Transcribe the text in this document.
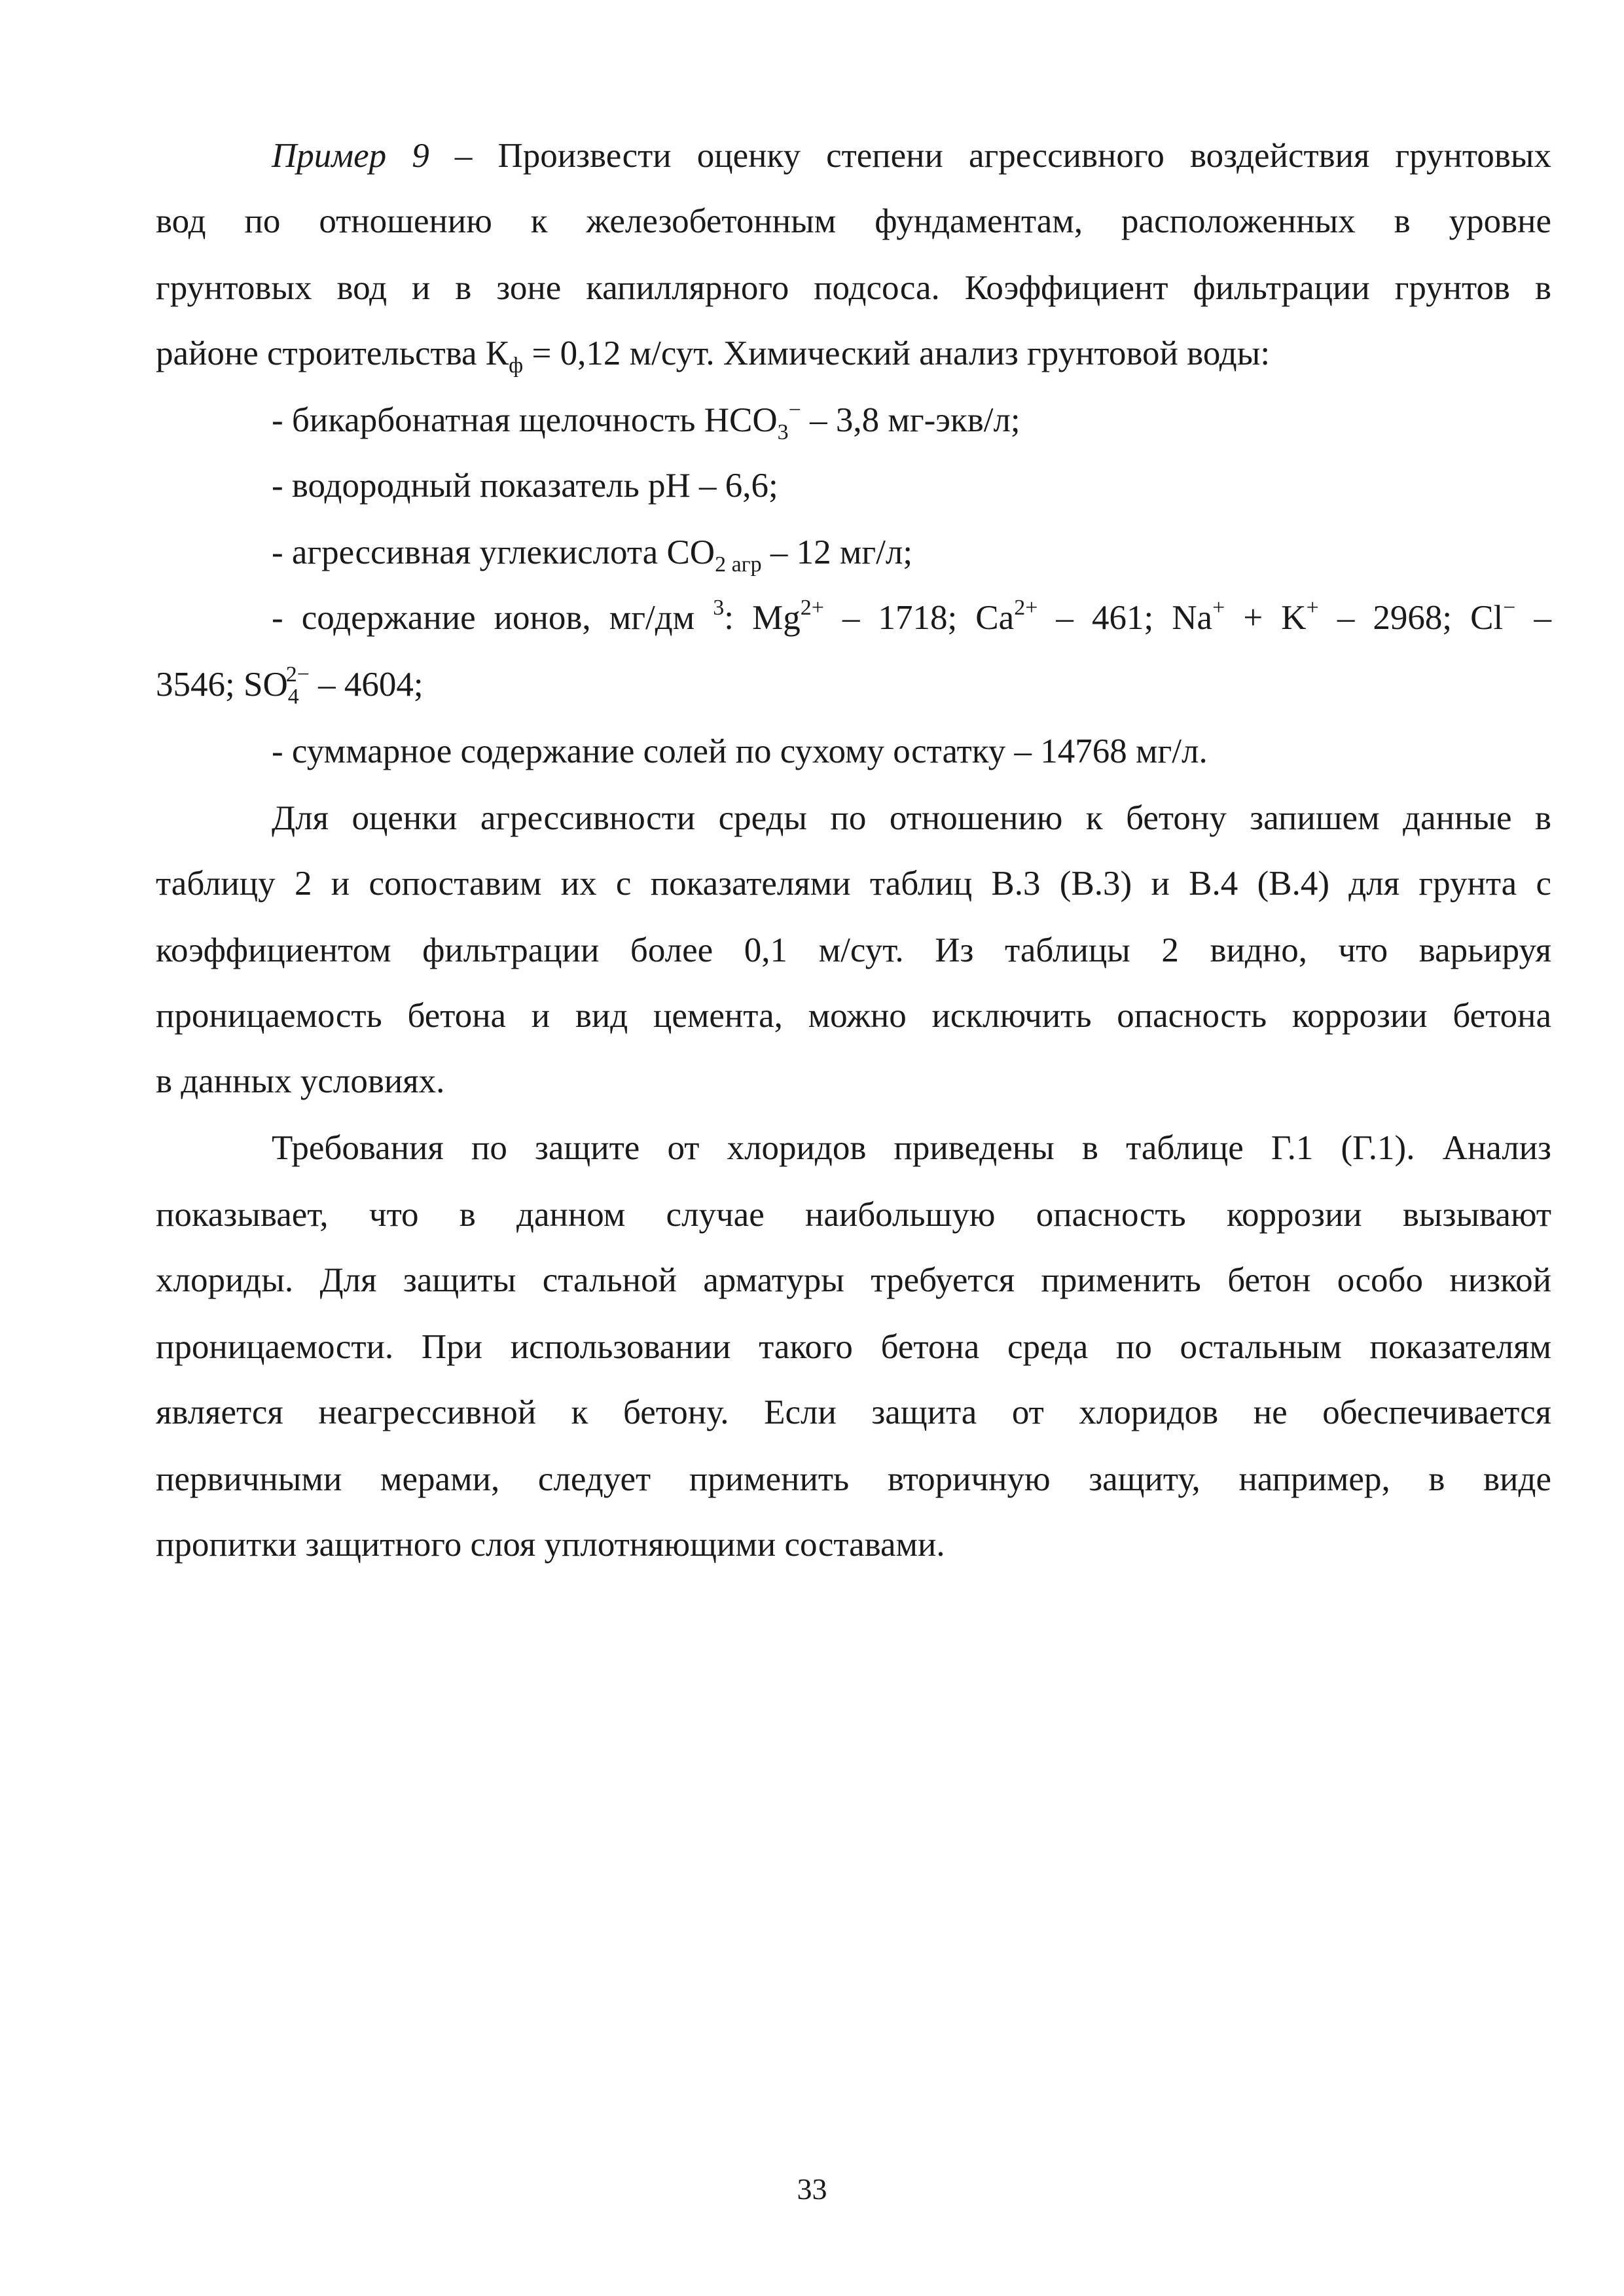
Пример 9 – Произвести оценку степени агрессивного воздействия грунтовых
вод по отношению к железобетонным фундаментам, расположенных в уровне
грунтовых вод и в зоне капиллярного подсоса. Коэффициент фильтрации грунтов в
районе строительства $К_ф = 0,12$ м/сут. Химический анализ грунтовой воды:
- бикарбонатная щелочность $HCO_3^- - 3,8$ мг-экв/л;
- водородный показатель pH – 6,6;
- агрессивная углекислота $CO_{2 агр} - 12$ мг/л;
- содержание ионов, мг/дм $^3$: $Mg^{2+} - 1718$; $Ca^{2+} - 461$; Na+ + K+ – 2968; Cl− –
3546; $SO_4^{2-} - 4604$;
- суммарное содержание солей по сухому остатку – 14768 мг/л.
Для оценки агрессивности среды по отношению к бетону запишем данные в
таблицу 2 и сопоставим их с показателями таблиц В.3 (В.3) и В.4 (В.4) для грунта с
коэффициентом фильтрации более 0,1 м/сут. Из таблицы 2 видно, что варьируя
проницаемость бетона и вид цемента, можно исключить опасность коррозии бетона
в данных условиях.
Требования по защите от хлоридов приведены в таблице Г.1 (Г.1). Анализ
показывает, что в данном случае наибольшую опасность коррозии вызывают
хлориды. Для защиты стальной арматуры требуется применить бетон особо низкой
проницаемости. При использовании такого бетона среда по остальным показателям
является неагрессивной к бетону. Если защита от хлоридов не обеспечивается
первичными мерами, следует применить вторичную защиту, например, в виде
пропитки защитного слоя уплотняющими составами.
33
